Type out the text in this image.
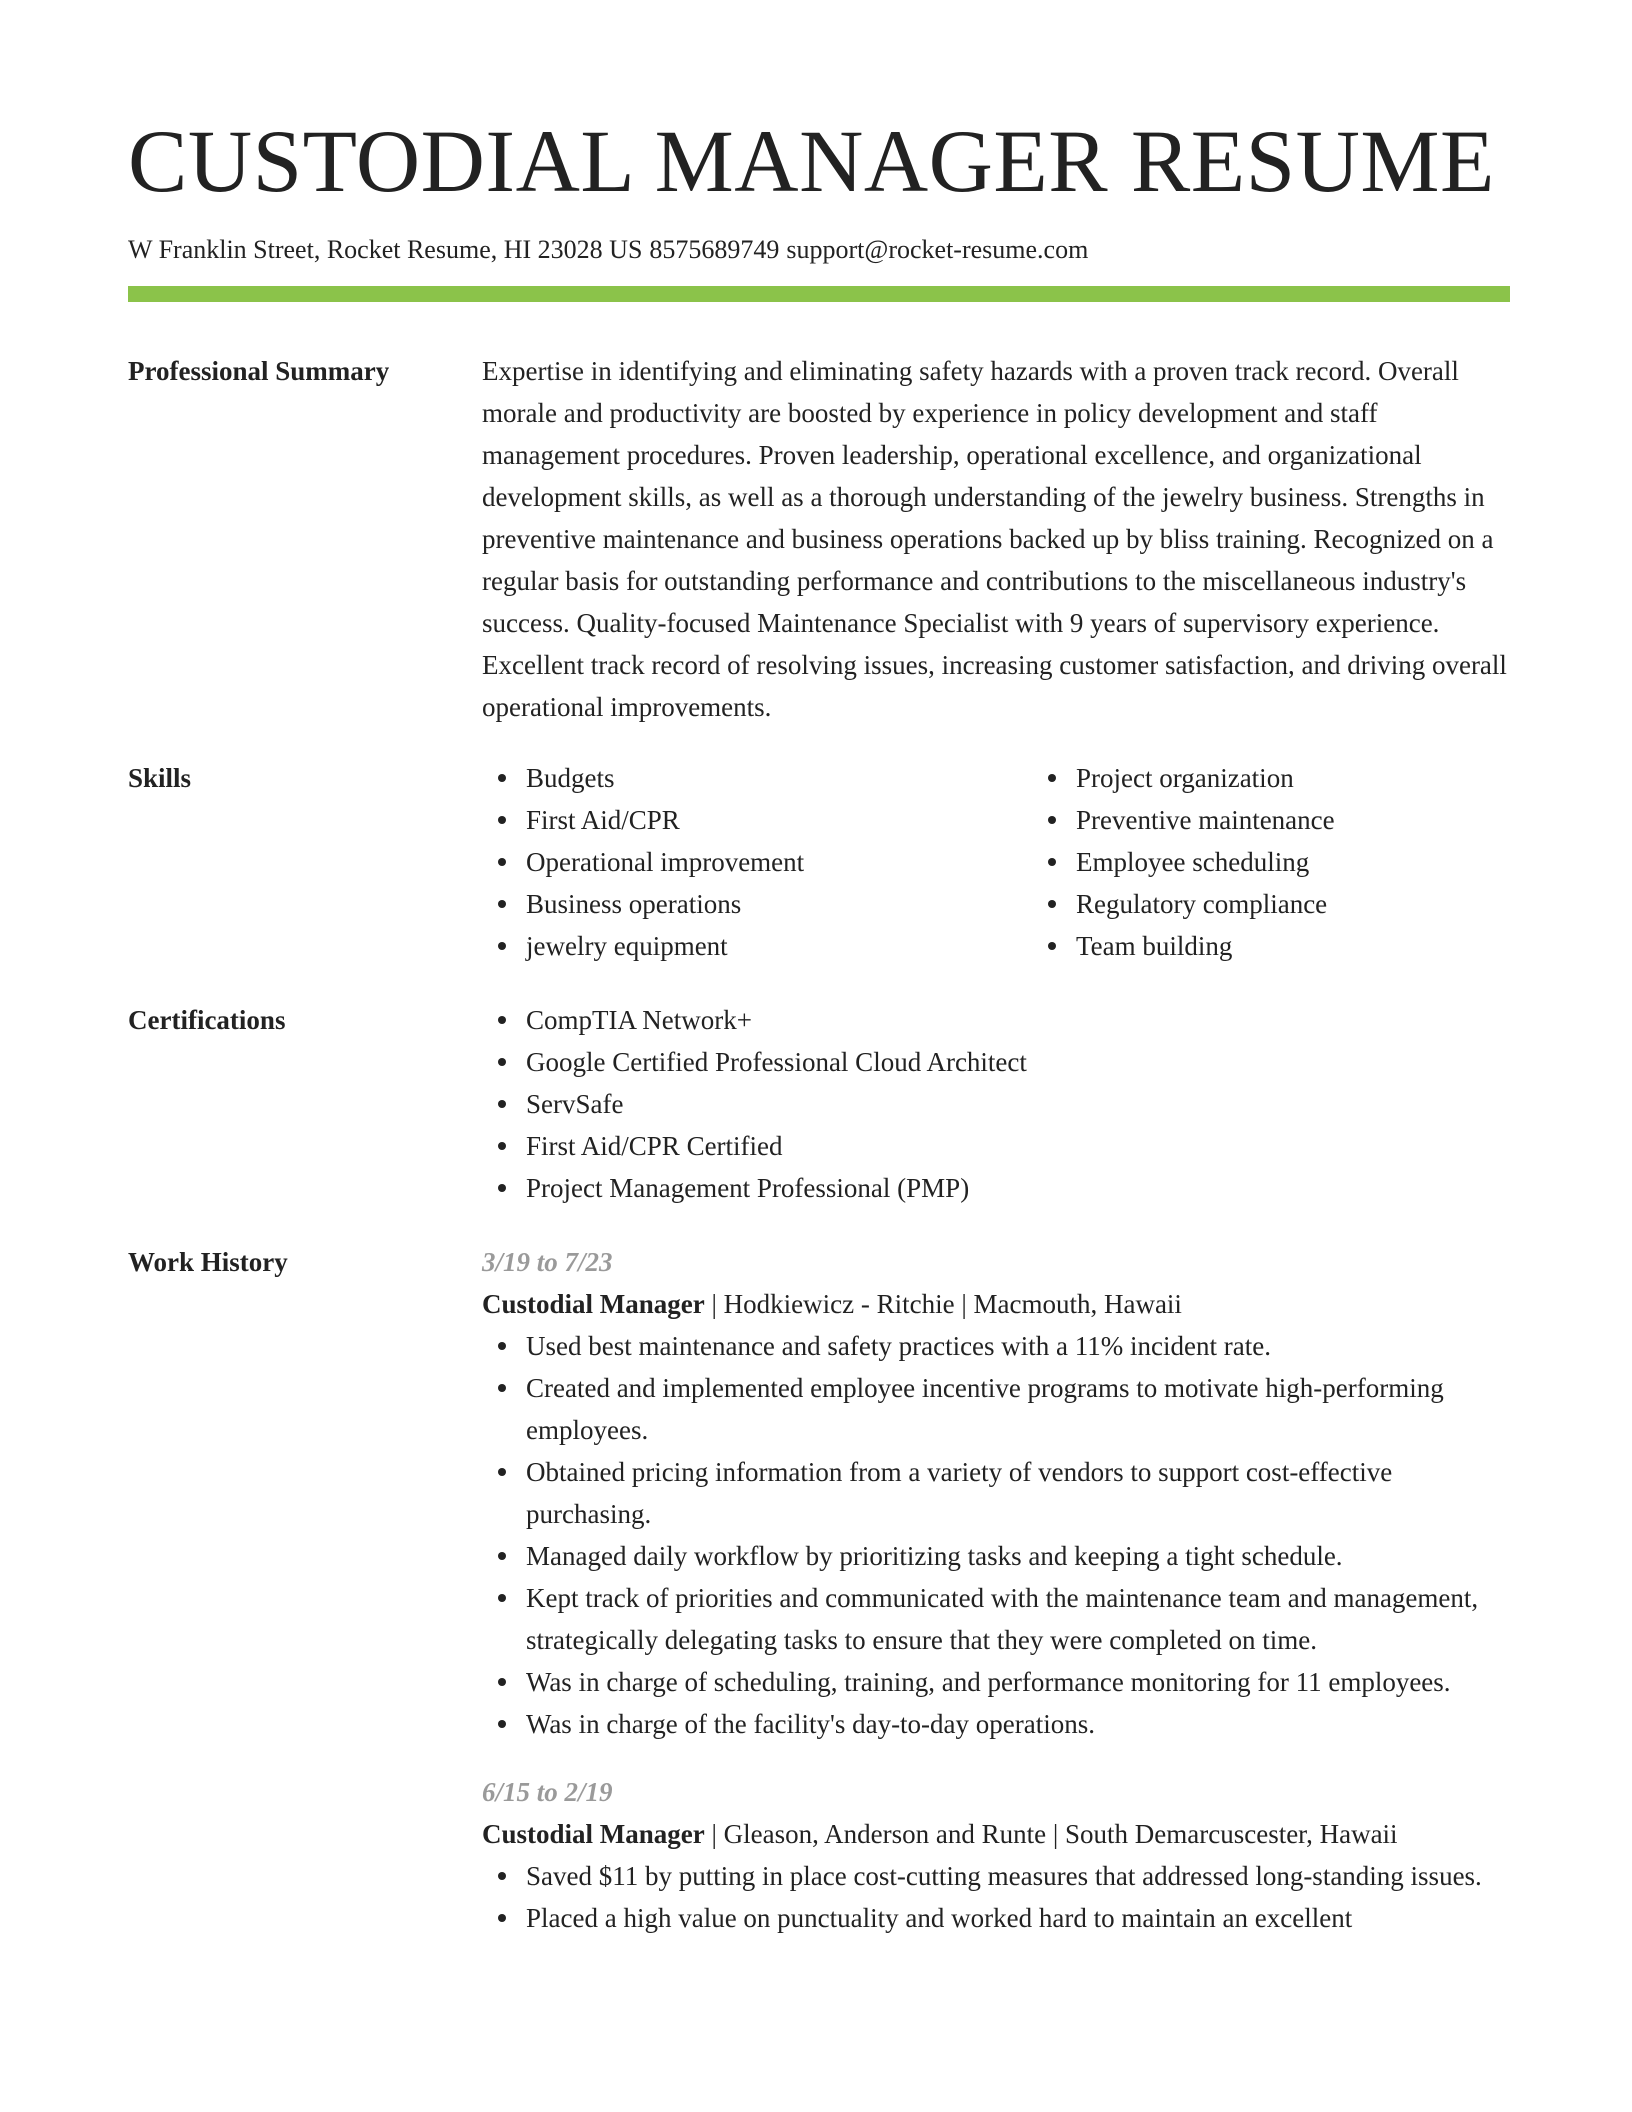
CUSTODIAL MANAGER RESUME
W Franklin Street, Rocket Resume, HI 23028 US 8575689749 support@rocket-resume.com
Professional Summary	Expertise in identifying and eliminating safety hazards with a proven track record. Overall morale and productivity are boosted by experience in policy development and staff management procedures. Proven leadership, operational excellence, and organizational development skills, as well as a thorough understanding of the jewelry business. Strengths in preventive maintenance and business operations backed up by bliss training. Recognized on a regular basis for outstanding performance and contributions to the miscellaneous industry's success. Quality-focused Maintenance Specialist with 9 years of supervisory experience. Excellent track record of resolving issues, increasing customer satisfaction, and driving overall operational improvements.

Skills	Budgets
First Aid/CPR
Operational improvement
Business operations
jewelry equipment
Project organization
Preventive maintenance
Employee scheduling
Regulatory compliance
Team building
Certifications	CompTIA Network+
Google Certified Professional Cloud Architect
ServSafe
First Aid/CPR Certified
Project Management Professional (PMP)
Work History	3/19 to 7/23
Custodial Manager | Hodkiewicz - Ritchie | Macmouth, Hawaii
Used best maintenance and safety practices with a 11% incident rate.
Created and implemented employee incentive programs to motivate high-performing employees.
Obtained pricing information from a variety of vendors to support cost-effective purchasing.
Managed daily workflow by prioritizing tasks and keeping a tight schedule.
Kept track of priorities and communicated with the maintenance team and management, strategically delegating tasks to ensure that they were completed on time.
Was in charge of scheduling, training, and performance monitoring for 11 employees.
Was in charge of the facility's day-to-day operations.
6/15 to 2/19
Custodial Manager | Gleason, Anderson and Runte | South Demarcuscester, Hawaii
Saved $11 by putting in place cost-cutting measures that addressed long-standing issues.
Placed a high value on punctuality and worked hard to maintain an excellent
